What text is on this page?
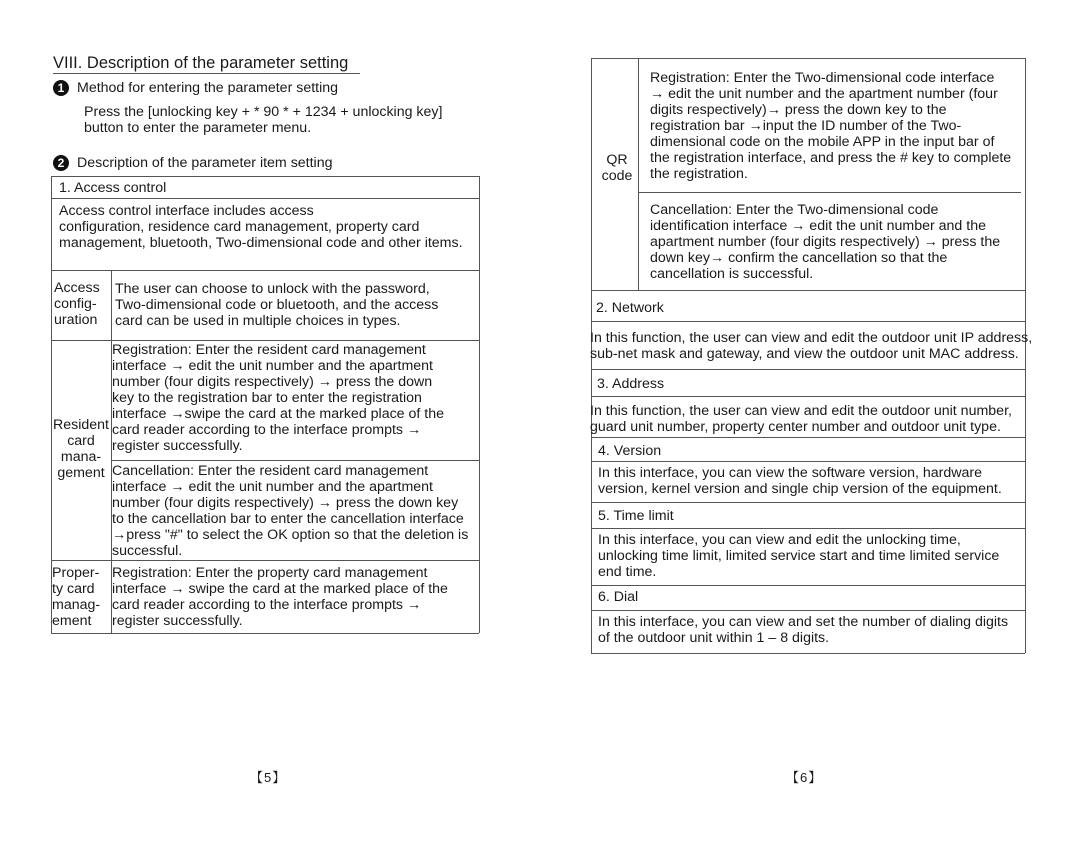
VIII. Description of the parameter setting
1 Method for entering the parameter setting
Press the [unlocking key + * 90 * + 1234 + unlocking key]
button to enter the parameter menu.
2 Description of the parameter item setting
1. Access control
Access control interface includes access
configuration, residence card management, property card
management, bluetooth, Two-dimensional code and other items.
Access
config-
uration
The user can choose to unlock with the password,
Two-dimensional code or bluetooth, and the access
card can be used in multiple choices in types.
Resident
card
mana-
gement
Registration: Enter the resident card management
interface → edit the unit number and the apartment
number (four digits respectively) → press the down
key to the registration bar to enter the registration
interface →swipe the card at the marked place of the
card reader according to the interface prompts →
register successfully.
Cancellation: Enter the resident card management
interface → edit the unit number and the apartment
number (four digits respectively) → press the down key
to the cancellation bar to enter the cancellation interface
→press "#" to select the OK option so that the deletion is
successful.
Proper-
ty card
manag-
ement
Registration: Enter the property card management
interface → swipe the card at the marked place of the
card reader according to the interface prompts →
register successfully.
【5】
QR
code
Registration: Enter the Two-dimensional code interface
→ edit the unit number and the apartment number (four
digits respectively)→ press the down key to the
registration bar →input the ID number of the Two-
dimensional code on the mobile APP in the input bar of
the registration interface, and press the # key to complete
the registration.
Cancellation: Enter the Two-dimensional code
identification interface → edit the unit number and the
apartment number (four digits respectively) → press the
down key→ confirm the cancellation so that the
cancellation is successful.
2. Network
In this function, the user can view and edit the outdoor unit IP address,
sub-net mask and gateway, and view the outdoor unit MAC address.
3. Address
In this function, the user can view and edit the outdoor unit number,
guard unit number, property center number and outdoor unit type.
4. Version
In this interface, you can view the software version, hardware
version, kernel version and single chip version of the equipment.
5. Time limit
In this interface, you can view and edit the unlocking time,
unlocking time limit, limited service start and time limited service
end time.
6. Dial
In this interface, you can view and set the number of dialing digits
of the outdoor unit within 1 – 8 digits.
【6】
